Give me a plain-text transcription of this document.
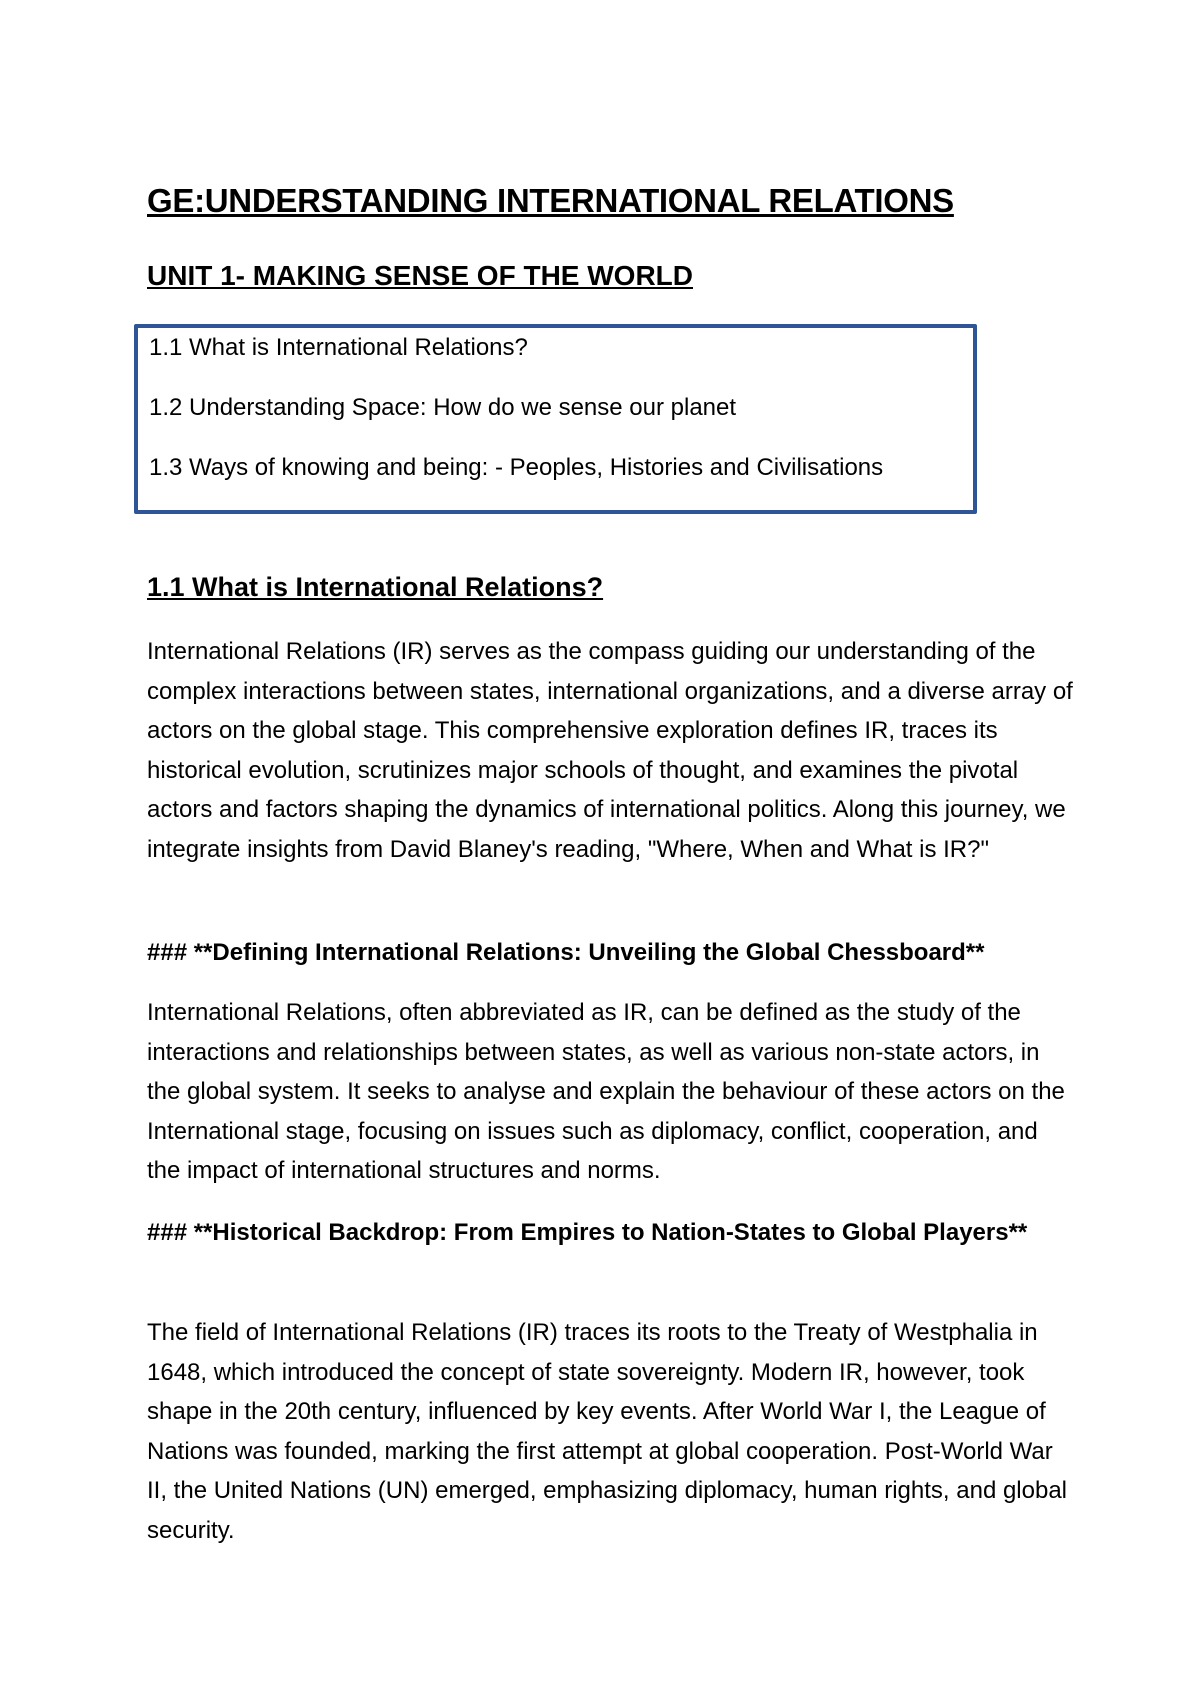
GE:UNDERSTANDING INTERNATIONAL RELATIONS
UNIT 1- MAKING SENSE OF THE WORLD
1.1 What is International Relations?
1.2 Understanding Space: How do we sense our planet
1.3 Ways of knowing and being: - Peoples, Histories and Civilisations
1.1 What is International Relations?

International Relations (IR) serves as the compass guiding our understanding of the complex interactions between states, international organizations, and a diverse array of actors on the global stage. This comprehensive exploration defines IR, traces its historical evolution, scrutinizes major schools of thought, and examines the pivotal actors and factors shaping the dynamics of international politics. Along this journey, we integrate insights from David Blaney's reading, "Where, When and What is IR?"

### **Defining International Relations: Unveiling the Global Chessboard**

International Relations, often abbreviated as IR, can be defined as the study of the interactions and relationships between states, as well as various non-state actors, in the global system. It seeks to analyse and explain the behaviour of these actors on the International stage, focusing on issues such as diplomacy, conflict, cooperation, and the impact of international structures and norms.

### **Historical Backdrop: From Empires to Nation-States to Global Players**

The field of International Relations (IR) traces its roots to the Treaty of Westphalia in 1648, which introduced the concept of state sovereignty. Modern IR, however, took shape in the 20th century, influenced by key events. After World War I, the League of Nations was founded, marking the first attempt at global cooperation. Post-World War II, the United Nations (UN) emerged, emphasizing diplomacy, human rights, and global security.
